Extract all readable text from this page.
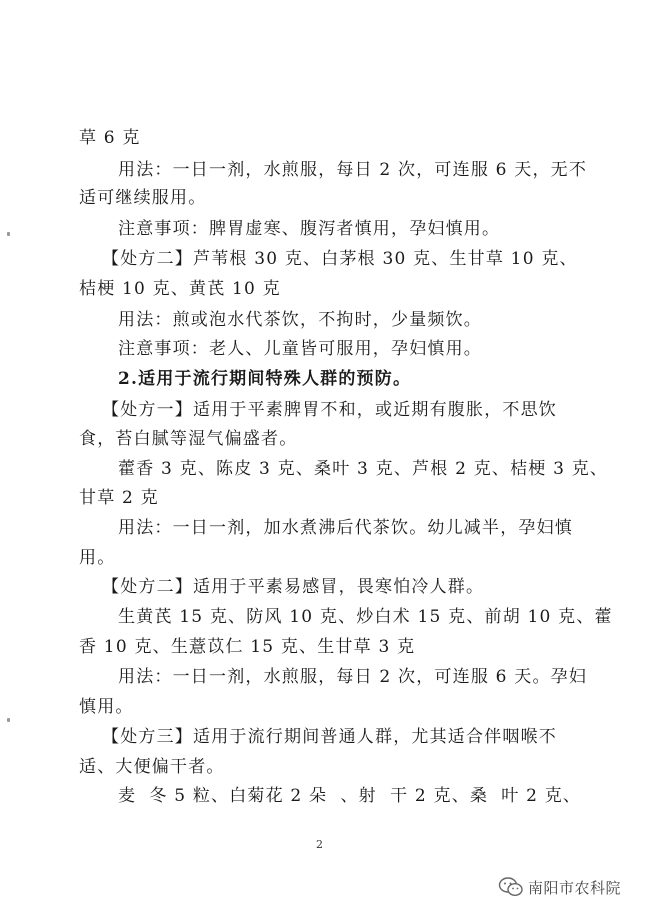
草 6 克
用法：一日一剂，水煎服，每日 2 次，可连服 6 天，无不
适可继续服用。
注意事项：脾胃虚寒、腹泻者慎用，孕妇慎用。
【处方二】芦苇根 30 克、白茅根 30 克、生甘草 10 克、
桔梗 10 克、黄芪 10 克
用法：煎或泡水代茶饮，不拘时，少量频饮。
注意事项：老人、儿童皆可服用，孕妇慎用。
2.适用于流行期间特殊人群的预防。
【处方一】适用于平素脾胃不和，或近期有腹胀，不思饮
食，苔白腻等湿气偏盛者。
藿香 3 克、陈皮 3 克、桑叶 3 克、芦根 2 克、桔梗 3 克、
甘草 2 克
用法：一日一剂，加水煮沸后代茶饮。幼儿减半，孕妇慎
用。
【处方二】适用于平素易感冒，畏寒怕冷人群。
生黄芪 15 克、防风 10 克、炒白术 15 克、前胡 10 克、藿
香 10 克、生薏苡仁 15 克、生甘草 3 克
用法：一日一剂，水煎服，每日 2 次，可连服 6 天。孕妇
慎用。
【处方三】适用于流行期间普通人群，尤其适合伴咽喉不
适、大便偏干者。
麦  冬 5 粒、白菊花 2 朵  、射  干 2 克、桑  叶 2 克、
2
南阳市农科院
